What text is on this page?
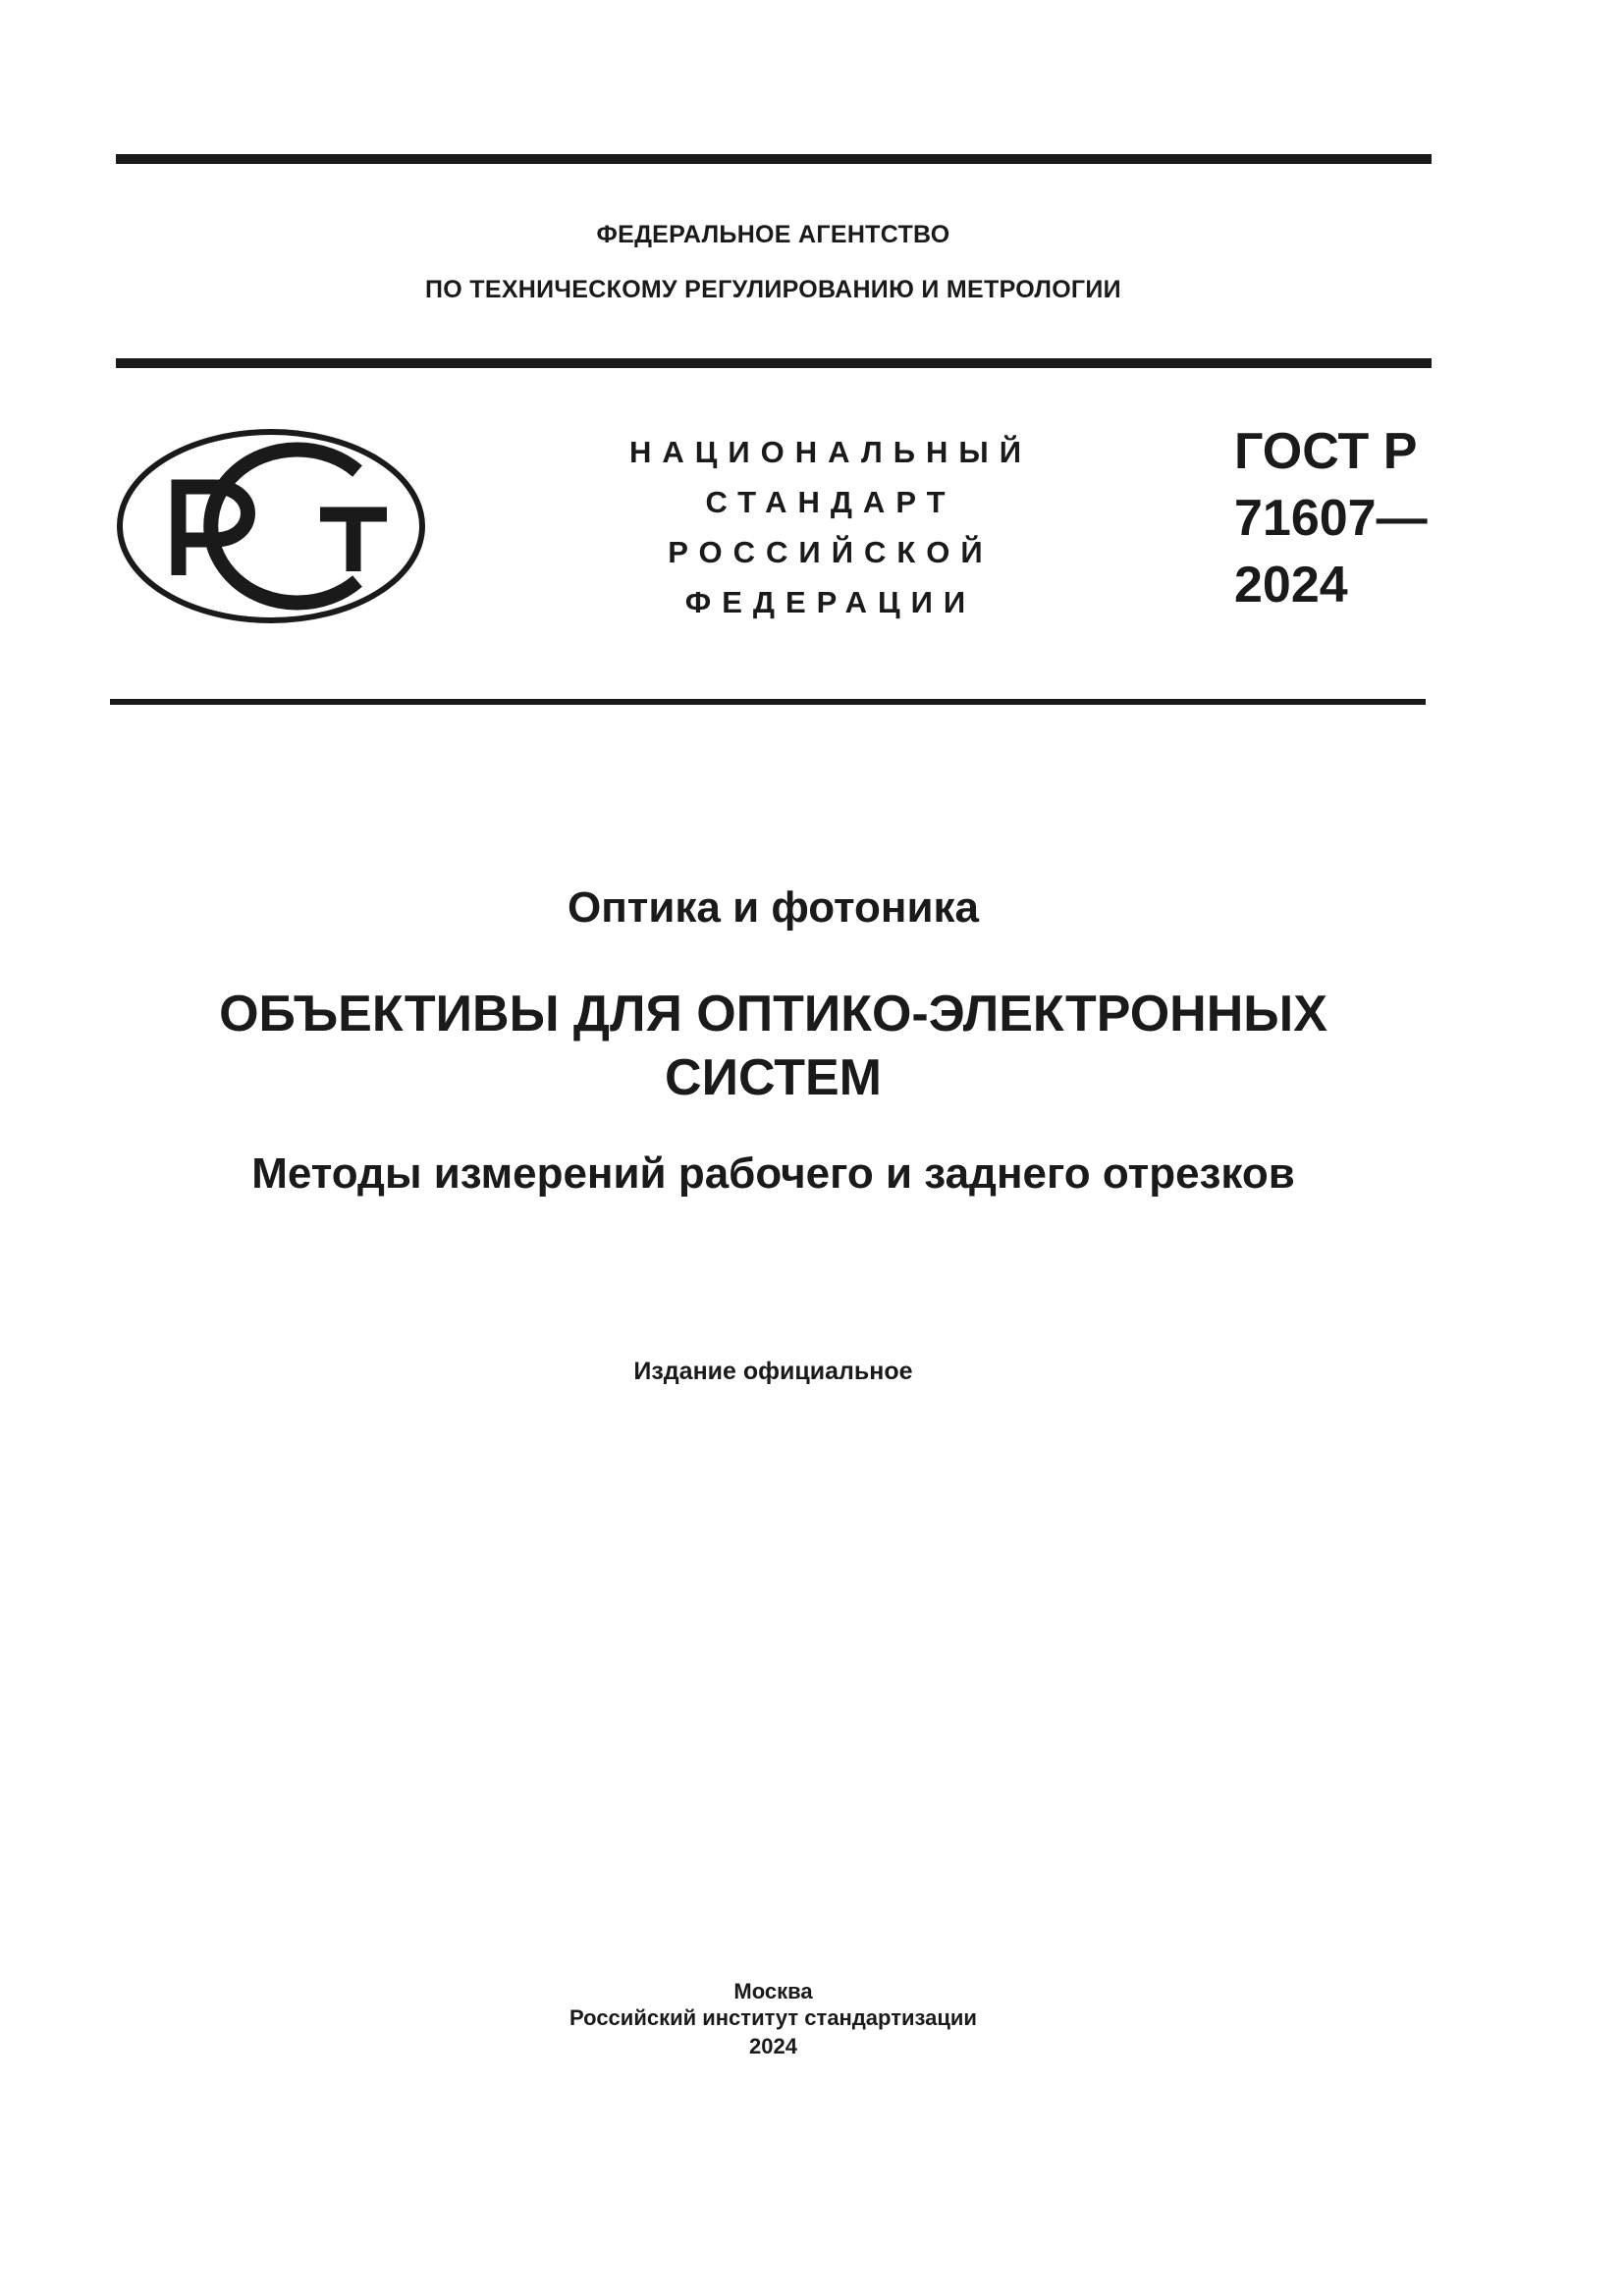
ФЕДЕРАЛЬНОЕ АГЕНТСТВО
ПО ТЕХНИЧЕСКОМУ РЕГУЛИРОВАНИЮ И МЕТРОЛОГИИ
НАЦИОНАЛЬНЫЙ
СТАНДАРТ
РОССИЙСКОЙ
ФЕДЕРАЦИИ
ГОСТ Р
71607—
2024
Оптика и фотоника
ОБЪЕКТИВЫ ДЛЯ ОПТИКО-ЭЛЕКТРОННЫХ
СИСТЕМ
Методы измерений рабочего и заднего отрезков
Издание официальное
Москва
Российский институт стандартизации
2024
